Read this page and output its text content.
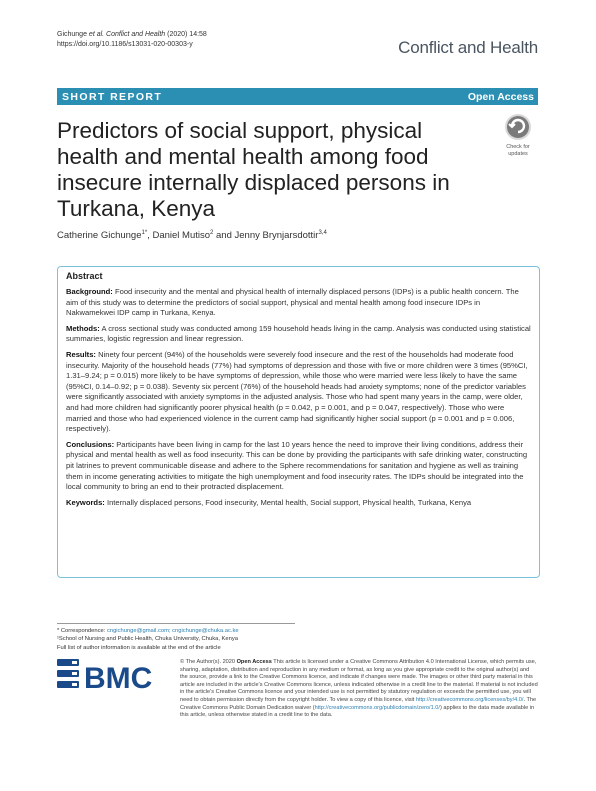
Gichunge et al. Conflict and Health (2020) 14:58
https://doi.org/10.1186/s13031-020-00303-y	Conflict and Health
SHORT REPORT	Open Access
Predictors of social support, physical health and mental health among food insecure internally displaced persons in Turkana, Kenya
Check for
updates
Catherine Gichunge$^{1*}$, Daniel Mutiso$^2$ and Jenny Brynjarsdottir$^{3,4}$
Abstract

Background: Food insecurity and the mental and physical health of internally displaced persons (IDPs) is a public health concern. The aim of this study was to determine the predictors of social support, physical and mental health among food insecure IDPs in Nakwamekwei IDP camp in Turkana, Kenya.

Methods: A cross sectional study was conducted among 159 household heads living in the camp. Analysis was conducted using statistical summaries, logistic regression and linear regression.

Results: Ninety four percent (94%) of the households were severely food insecure and the rest of the households had moderate food insecurity. Majority of the household heads (77%) had symptoms of depression and those with five or more children were 3 times (95%CI, 1.31–9.24; p = 0.015) more likely to be have symptoms of depression, while those who were married were less likely to have the same (95%CI, 0.14–0.92; p = 0.038). Seventy six percent (76%) of the household heads had anxiety symptoms; none of the predictor variables were significantly associated with anxiety symptoms in the adjusted analysis. Those who had spent many years in the camp, were older, and had more children had significantly poorer physical health (p = 0.042, p = 0.001, and p = 0.047, respectively). Those who were married and those who had experienced violence in the current camp had significantly higher social support (p = 0.001 and p = 0.006, respectively).

Conclusions: Participants have been living in camp for the last 10 years hence the need to improve their living conditions, address their physical and mental health as well as food insecurity. This can be done by providing the participants with safe drinking water, constructing pit latrines to prevent communicable disease and adhere to the Sphere recommendations for sanitation and hygiene as well as training them in income generating activities to mitigate the high unemployment and food insecurity rates. The IDPs should be integrated into the local community to bring an end to their protracted displacement.

Keywords: Internally displaced persons, Food insecurity, Mental health, Social support, Physical health, Turkana, Kenya

* Correspondence: cngichunge@gmail.com; cngichunge@chuka.ac.ke
¹School of Nursing and Public Health, Chuka University, Chuka, Kenya
Full list of author information is available at the end of the article
BMC	© The Author(s). 2020 Open Access This article is licensed under a Creative Commons Attribution 4.0 International License, which permits use, sharing, adaptation, distribution and reproduction in any medium or format, as long as you give appropriate credit to the original author(s) and the source, provide a link to the Creative Commons licence, and indicate if changes were made. The images or other third party material in this article are included in the article's Creative Commons licence, unless indicated otherwise in a credit line to the material. If material is not included in the article's Creative Commons licence and your intended use is not permitted by statutory regulation or exceeds the permitted use, you will need to obtain permission directly from the copyright holder. To view a copy of this licence, visit http://creativecommons.org/licenses/by/4.0/. The Creative Commons Public Domain Dedication waiver (http://creativecommons.org/publicdomain/zero/1.0/) applies to the data made available in this article, unless otherwise stated in a credit line to the data.
